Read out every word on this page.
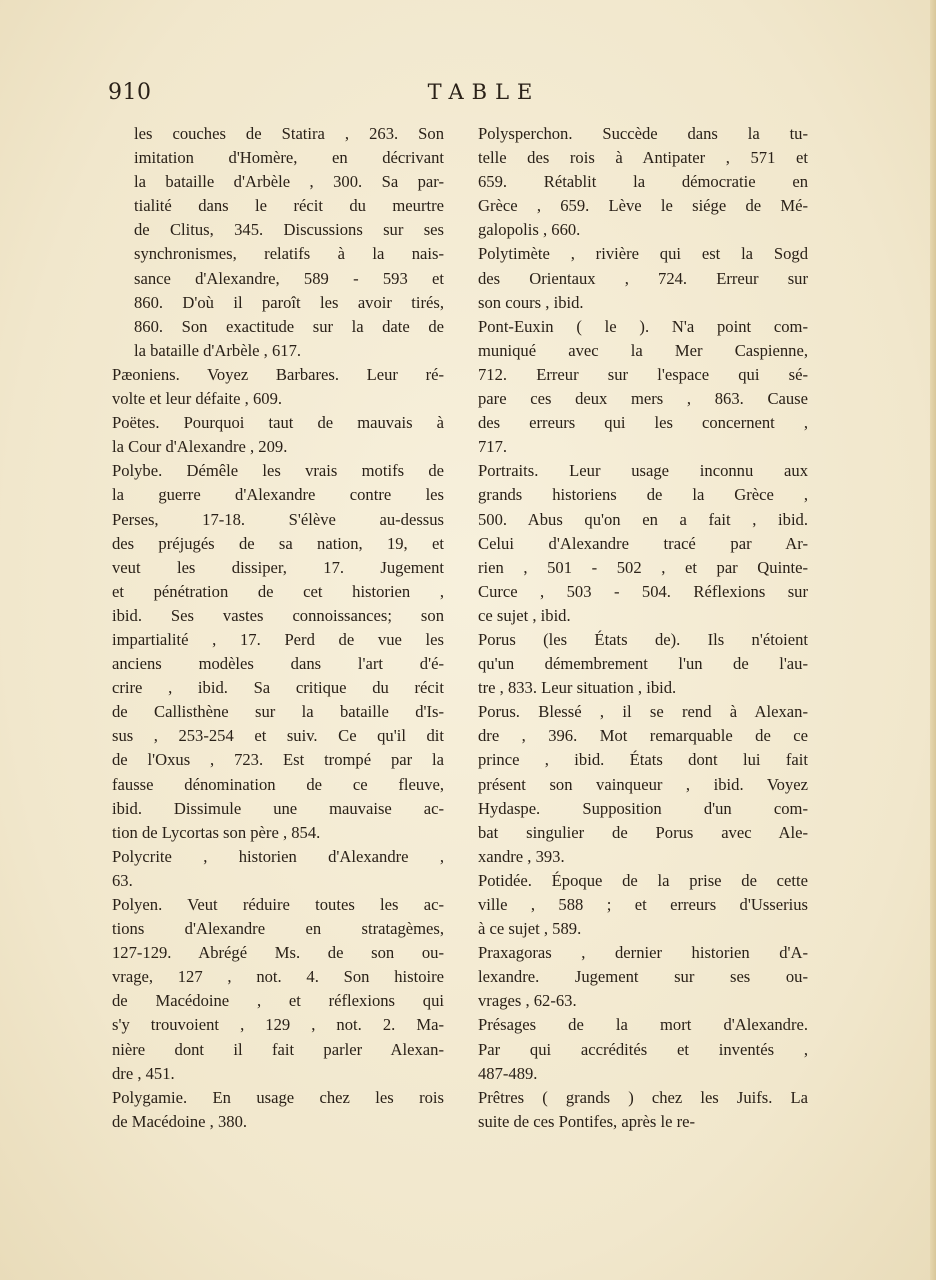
910	TABLE
les couches de Statira , 263. Son
imitation d'Homère, en décrivant
la bataille d'Arbèle , 300. Sa par-
tialité dans le récit du meurtre
de Clitus, 345. Discussions sur ses
synchronismes, relatifs à la nais-
sance d'Alexandre, 589 - 593 et
860. D'où il paroît les avoir tirés,
860. Son exactitude sur la date de
la bataille d'Arbèle , 617.
Pæoniens. Voyez Barbares. Leur ré-
volte et leur défaite , 609.
Poëtes. Pourquoi taut de mauvais à
la Cour d'Alexandre , 209.
Polybe. Démêle les vrais motifs de
la guerre d'Alexandre contre les
Perses, 17-18. S'élève au-dessus
des préjugés de sa nation, 19, et
veut les dissiper, 17. Jugement
et pénétration de cet historien ,
ibid. Ses vastes connoissances; son
impartialité , 17. Perd de vue les
anciens modèles dans l'art d'é-
crire , ibid. Sa critique du récit
de Callisthène sur la bataille d'Is-
sus , 253-254 et suiv. Ce qu'il dit
de l'Oxus , 723. Est trompé par la
fausse dénomination de ce fleuve,
ibid. Dissimule une mauvaise ac-
tion de Lycortas son père , 854.
Polycrite , historien d'Alexandre ,
63.
Polyen. Veut réduire toutes les ac-
tions d'Alexandre en stratagèmes,
127-129. Abrégé Ms. de son ou-
vrage, 127 , not. 4. Son histoire
de Macédoine , et réflexions qui
s'y trouvoient , 129 , not. 2. Ma-
nière dont il fait parler Alexan-
dre , 451.
Polygamie. En usage chez les rois
de Macédoine , 380.
Polysperchon. Succède dans la tu-
telle des rois à Antipater , 571 et
659. Rétablit la démocratie en
Grèce , 659. Lève le siége de Mé-
galopolis , 660.
Polytimète , rivière qui est la Sogd
des Orientaux , 724. Erreur sur
son cours , ibid.
Pont-Euxin ( le ). N'a point com-
muniqué avec la Mer Caspienne,
712. Erreur sur l'espace qui sé-
pare ces deux mers , 863. Cause
des erreurs qui les concernent ,
717.
Portraits. Leur usage inconnu aux
grands historiens de la Grèce ,
500. Abus qu'on en a fait , ibid.
Celui d'Alexandre tracé par Ar-
rien , 501 - 502 , et par Quinte-
Curce , 503 - 504. Réflexions sur
ce sujet , ibid.
Porus (les États de). Ils n'étoient
qu'un démembrement l'un de l'au-
tre , 833. Leur situation , ibid.
Porus. Blessé , il se rend à Alexan-
dre , 396. Mot remarquable de ce
prince , ibid. États dont lui fait
présent son vainqueur , ibid. Voyez
Hydaspe. Supposition d'un com-
bat singulier de Porus avec Ale-
xandre , 393.
Potidée. Époque de la prise de cette
ville , 588 ; et erreurs d'Usserius
à ce sujet , 589.
Praxagoras , dernier historien d'A-
lexandre. Jugement sur ses ou-
vrages , 62-63.
Présages de la mort d'Alexandre.
Par qui accrédités et inventés ,
487-489.
Prêtres ( grands ) chez les Juifs. La
suite de ces Pontifes, après le re-
